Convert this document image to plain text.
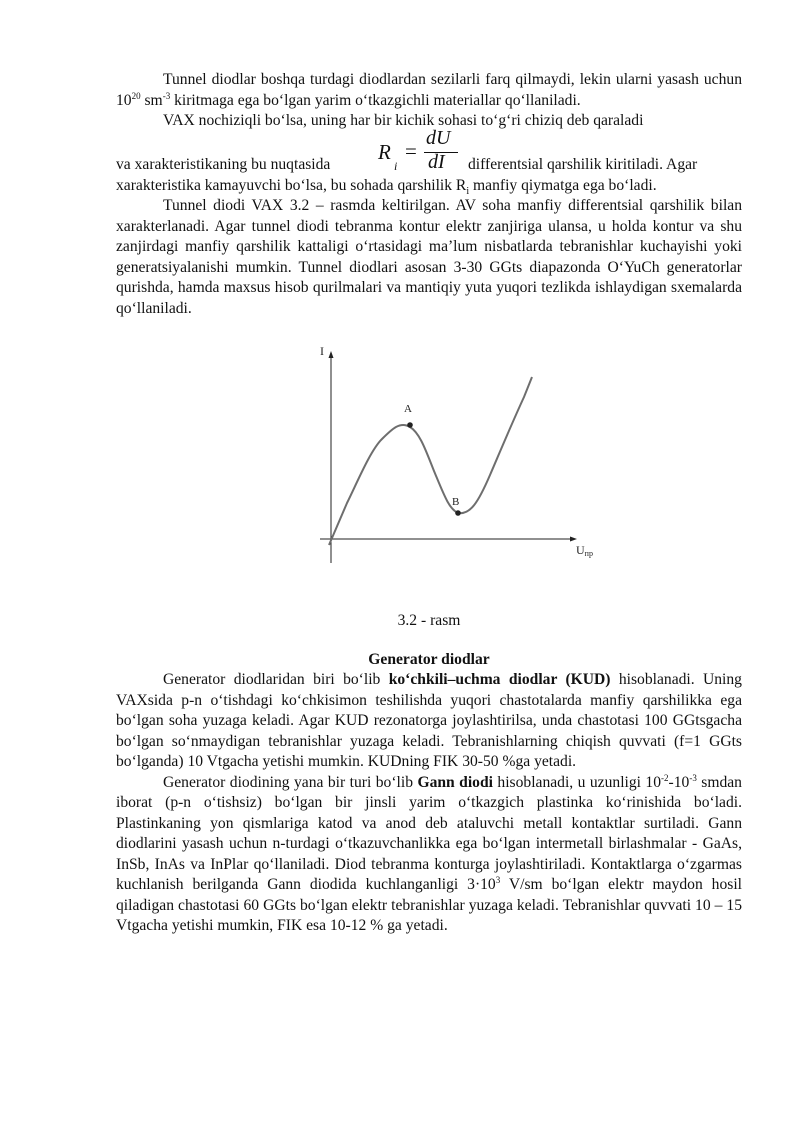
Tunnel diodlar boshqa turdagi diodlardan sezilarli farq qilmaydi, lekin ularni yasash uchun $10^{20}$ $sm^{-3}$ kiritmaga ega bo‘lgan yarim o‘tkazgichli materiallar qo‘llaniladi.

VAX nochiziqli bo‘lsa, uning har bir kichik sohasi to‘g‘ri chiziq deb qaraladi

va xarakteristikaning bu nuqtasida
R
i
=
dU
dI differentsial qarshilik kiritiladi. Agar

xarakteristika kamayuvchi bo‘lsa, bu sohada qarshilik $R_i$ manfiy qiymatga ega bo‘ladi.

Tunnel diodi VAX 3.2 – rasmda keltirilgan. AV soha manfiy differentsial qarshilik bilan xarakterlanadi. Agar tunnel diodi tebranma kontur elektr zanjiriga ulansa, u holda kontur va shu zanjirdagi manfiy qarshilik kattaligi o‘rtasidagi ma’lum nisbatlarda tebranishlar kuchayishi yoki generatsiyalanishi mumkin. Tunnel diodlari asosan 3-30 GGts diapazonda O‘YuCh generatorlar qurishda, hamda maxsus hisob qurilmalari va mantiqiy yuta yuqori tezlikda ishlaydigan sxemalarda qo‘llaniladi.

I
A
B
Uпр
3.2 - rasm
Generator diodlar

Generator diodlaridan biri bo‘lib ko‘chkili–uchma diodlar (KUD) hisoblanadi. Uning VAXsida p-n o‘tishdagi ko‘chkisimon teshilishda yuqori chastotalarda manfiy qarshilikka ega bo‘lgan soha yuzaga keladi. Agar KUD rezonatorga joylashtirilsa, unda chastotasi 100 GGtsgacha bo‘lgan so‘nmaydigan tebranishlar yuzaga keladi. Tebranishlarning chiqish quvvati (f=1 GGts bo‘lganda) 10 Vtgacha yetishi mumkin. KUDning FIK 30-50 %ga yetadi.

Generator diodining yana bir turi bo‘lib Gann diodi hisoblanadi, u uzunligi $10^{-2}-10^{-3}$ smdan iborat (p-n o‘tishsiz) bo‘lgan bir jinsli yarim o‘tkazgich plastinka ko‘rinishida bo‘ladi. Plastinkaning yon qismlariga katod va anod deb ataluvchi metall kontaktlar surtiladi. Gann diodlarini yasash uchun n-turdagi o‘tkazuvchanlikka ega bo‘lgan intermetall birlashmalar - GaAs, InSb, InAs va InPlar qo‘llaniladi. Diod tebranma konturga joylashtiriladi. Kontaktlarga o‘zgarmas kuchlanish berilganda Gann diodida kuchlanganligi $3\cdot 10^3$ V/sm bo‘lgan elektr maydon hosil qiladigan chastotasi 60 GGts bo‘lgan elektr tebranishlar yuzaga keladi. Tebranishlar quvvati 10 – 15 Vtgacha yetishi mumkin, FIK esa 10-12 % ga yetadi.
